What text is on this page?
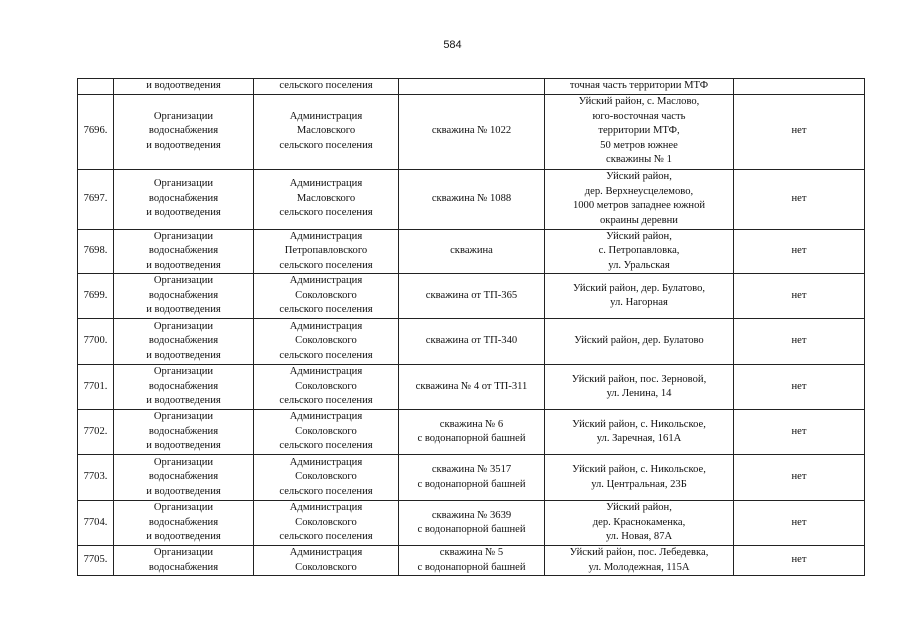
584
	и водоотведения	сельского поселения		точная часть территории МТФ	
7696.	Организации
водоснабжения
и водоотведения	Администрация
Масловского
сельского поселения	скважина № 1022	Уйский район, с. Маслово,
юго-восточная часть
территории МТФ,
50 метров южнее
скважины № 1	нет
7697.	Организации
водоснабжения
и водоотведения	Администрация
Масловского
сельского поселения	скважина № 1088	Уйский район,
дер. Верхнеусцелемово,
1000 метров западнее южной
окраины деревни	нет
7698.	Организации
водоснабжения
и водоотведения	Администрация
Петропавловского
сельского поселения	скважина	Уйский район,
с. Петропавловка,
ул. Уральская	нет
7699.	Организации
водоснабжения
и водоотведения	Администрация
Соколовского
сельского поселения	скважина от ТП-365	Уйский район, дер. Булатово,
ул. Нагорная	нет
7700.	Организации
водоснабжения
и водоотведения	Администрация
Соколовского
сельского поселения	скважина от ТП-340	Уйский район, дер. Булатово	нет
7701.	Организации
водоснабжения
и водоотведения	Администрация
Соколовского
сельского поселения	скважина № 4 от ТП-311	Уйский район, пос. Зерновой,
ул. Ленина, 14	нет
7702.	Организации
водоснабжения
и водоотведения	Администрация
Соколовского
сельского поселения	скважина № 6
с водонапорной башней	Уйский район, с. Никольское,
ул. Заречная, 161А	нет
7703.	Организации
водоснабжения
и водоотведения	Администрация
Соколовского
сельского поселения	скважина № 3517
с водонапорной башней	Уйский район, с. Никольское,
ул. Центральная, 23Б	нет
7704.	Организации
водоснабжения
и водоотведения	Администрация
Соколовского
сельского поселения	скважина № 3639
с водонапорной башней	Уйский район,
дер. Краснокаменка,
ул. Новая, 87А	нет
7705.	Организации
водоснабжения	Администрация
Соколовского	скважина № 5
с водонапорной башней	Уйский район, пос. Лебедевка,
ул. Молодежная, 115А	нет
